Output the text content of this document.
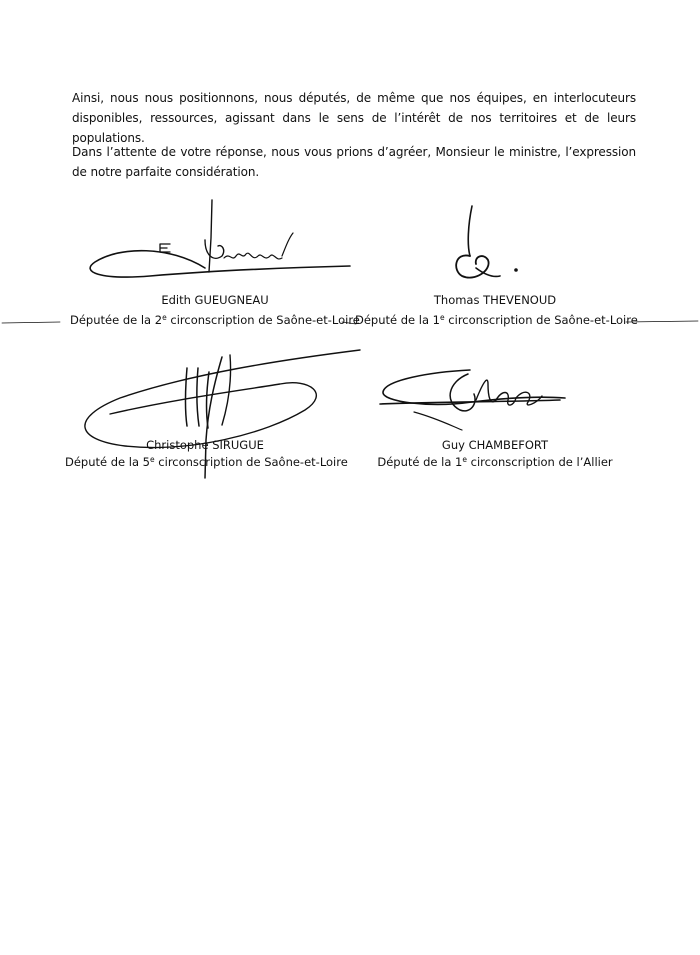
Ainsi, nous nous positionnons, nous députés, de même que nos équipes, en interlocuteurs disponibles, ressources, agissant dans le sens de l’intérêt de nos territoires et de leurs populations.

Dans l’attente de votre réponse, nous vous prions d’agréer, Monsieur le ministre, l’expression de notre parfaite considération.

Edith GUEUGNEAU
Députée de la 2e circonscription de Saône-et-Loire
Thomas THEVENOUD
Député de la 1e circonscription de Saône-et-Loire
Christophe SIRUGUE
Député de la 5e circonscription de Saône-et-Loire
Guy CHAMBEFORT
Député de la 1e circonscription de l’Allier
